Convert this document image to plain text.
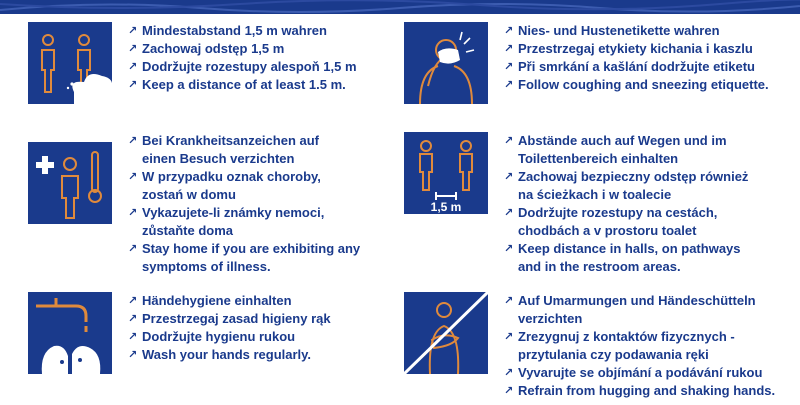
↗ Mindestabstand 1,5 m wahren
↗ Zachowaj odstęp 1,5 m
↗ Dodržujte rozestupy alespoň 1,5 m
↗ Keep a distance of at least 1.5 m.
↗ Nies- und Hustenetikette wahren
↗ Przestrzegaj etykiety kichania i kaszlu
↗ Při smrkání a kašlání dodržujte etiketu
↗ Follow coughing and sneezing etiquette.
↗ Bei Krankheitsanzeichen auf
einen Besuch verzichten
↗ W przypadku oznak choroby,
zostań w domu
↗ Vykazujete-li známky nemoci,
zůstaňte doma
↗ Stay home if you are exhibiting any
symptoms of illness.
1,5 m
↗ Abstände auch auf Wegen und im
Toilettenbereich einhalten
↗ Zachowaj bezpieczny odstęp również
na ścieżkach i w toalecie
↗ Dodržujte rozestupy na cestách,
chodbách a v prostoru toalet
↗ Keep distance in halls, on pathways
and in the restroom areas.
↗ Händehygiene einhalten
↗ Przestrzegaj zasad higieny rąk
↗ Dodržujte hygienu rukou
↗ Wash your hands regularly.
↗ Auf Umarmungen und Händeschütteln
verzichten
↗ Zrezygnuj z kontaktów fizycznych -
przytulania czy podawania ręki
↗ Vyvarujte se objímání a podávání rukou
↗ Refrain from hugging and shaking hands.
